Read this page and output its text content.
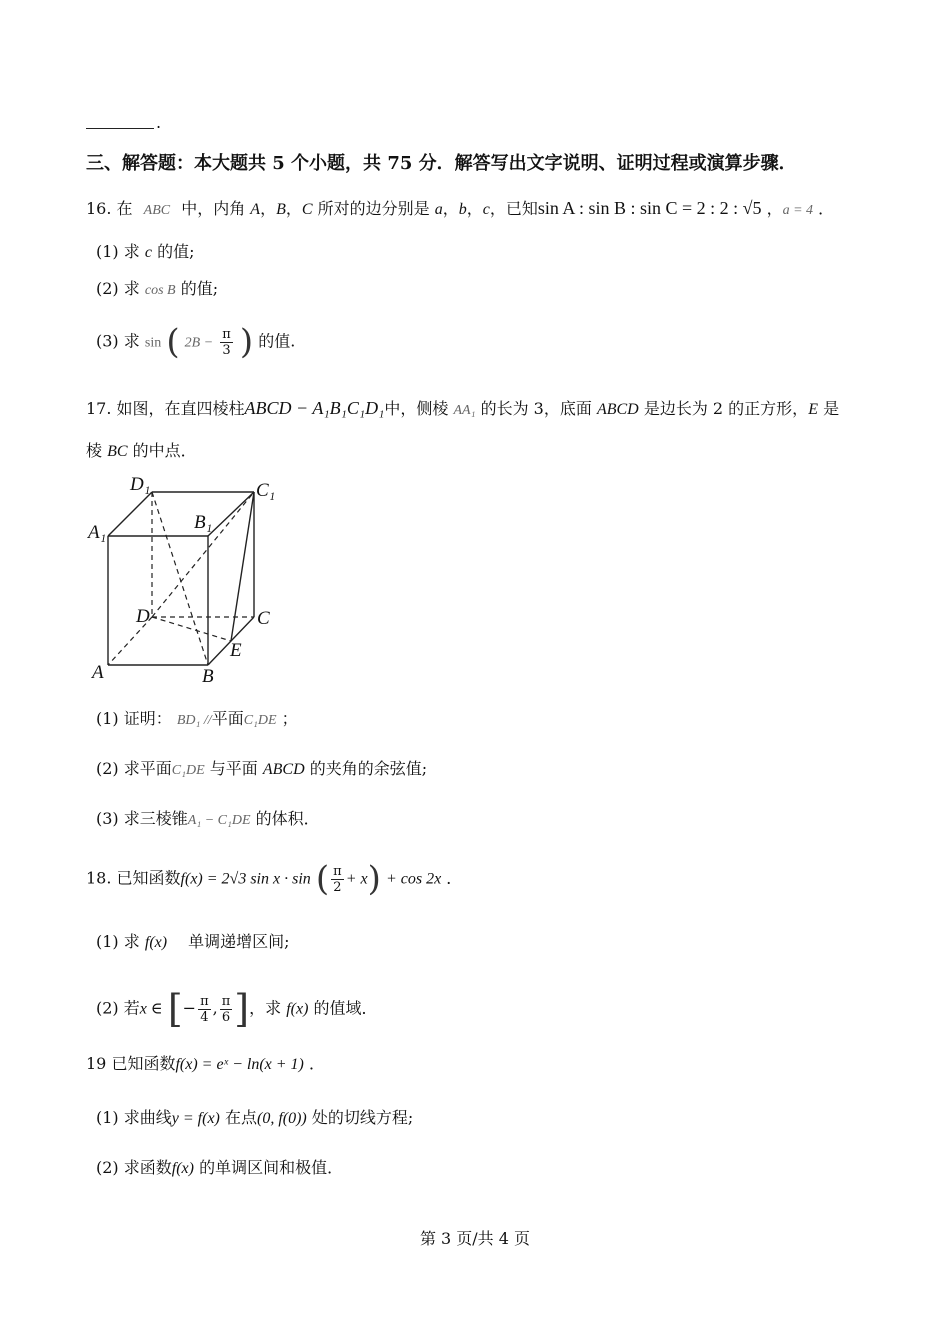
.
三、解答题：本大题共 5 个小题，共 75 分．解答写出文字说明、证明过程或演算步骤．
16. 在 ABC 中，内角 A，B，C 所对的边分别是 a，b，c，已知sin A : sin B : sin C = 2 : 2 : √5 ，a = 4 ．
(1) 求 c 的值;
(2) 求 cos B 的值;
(3) 求 sin ( $2B - \frac{\pi}{3}$ ) 的值.
17. 如图，在直四棱柱ABCD − A₁B₁C₁D₁中，侧棱 AA₁ 的长为 3，底面 ABCD 是边长为 2 的正方形，E 是
棱 BC 的中点．
D₁	C₁
A₁	B₁
D	C
E
A	B
(1) 证明： BD₁ //平面C₁DE ；
(2) 求平面C₁DE 与平面 ABCD 的夹角的余弦值;
(3) 求三棱锥A₁ − C₁DE 的体积．
18. 已知函数f(x) = 2√3 sin x · sin ( $\frac{\pi}{2} + x) + \cos 2x$ ．
(1) 求 f(x) 单调递增区间;
(2) 若x ∈ [− $\frac{\pi}{4}$ , $\frac{\pi}{6}$ ]，求 f(x) 的值域．
19 已知函数f(x) = eˣ − ln(x + 1) ．
(1) 求曲线y = f(x) 在点(0, f(0)) 处的切线方程;
(2) 求函数f(x) 的单调区间和极值．
第 3 页/共 4 页
